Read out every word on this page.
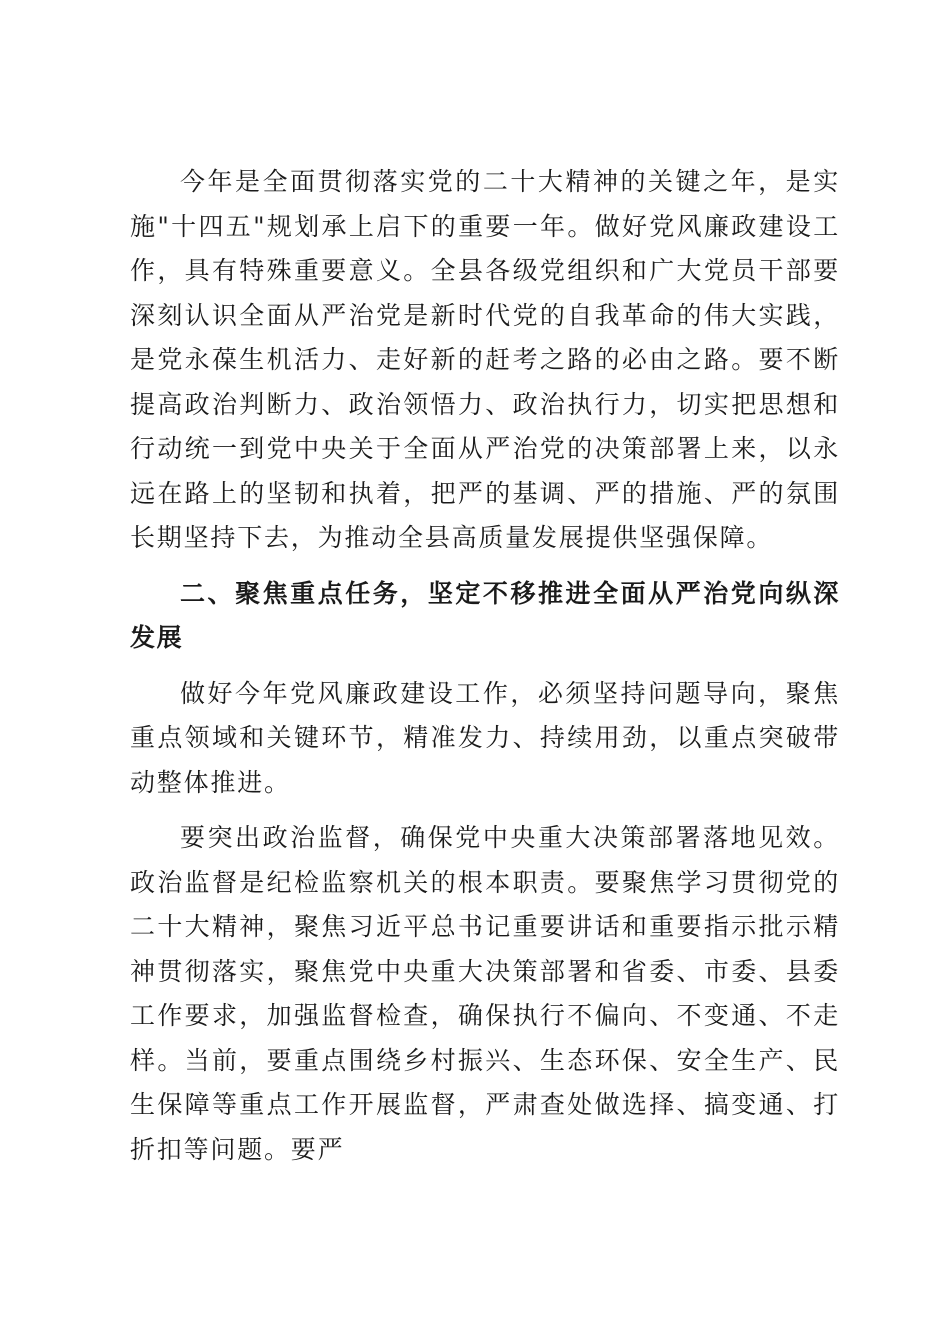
今年是全面贯彻落实党的二十大精神的关键之年，是实施"十四五"规划承上启下的重要一年。做好党风廉政建设工作，具有特殊重要意义。全县各级党组织和广大党员干部要深刻认识全面从严治党是新时代党的自我革命的伟大实践，是党永葆生机活力、走好新的赶考之路的必由之路。要不断提高政治判断力、政治领悟力、政治执行力，切实把思想和行动统一到党中央关于全面从严治党的决策部署上来，以永远在路上的坚韧和执着，把严的基调、严的措施、严的氛围长期坚持下去，为推动全县高质量发展提供坚强保障。

二、聚焦重点任务，坚定不移推进全面从严治党向纵深发展

做好今年党风廉政建设工作，必须坚持问题导向，聚焦重点领域和关键环节，精准发力、持续用劲，以重点突破带动整体推进。

要突出政治监督，确保党中央重大决策部署落地见效。政治监督是纪检监察机关的根本职责。要聚焦学习贯彻党的二十大精神，聚焦习近平总书记重要讲话和重要指示批示精神贯彻落实，聚焦党中央重大决策部署和省委、市委、县委工作要求，加强监督检查，确保执行不偏向、不变通、不走样。当前，要重点围绕乡村振兴、生态环保、安全生产、民生保障等重点工作开展监督，严肃查处做选择、搞变通、打折扣等问题。要严
